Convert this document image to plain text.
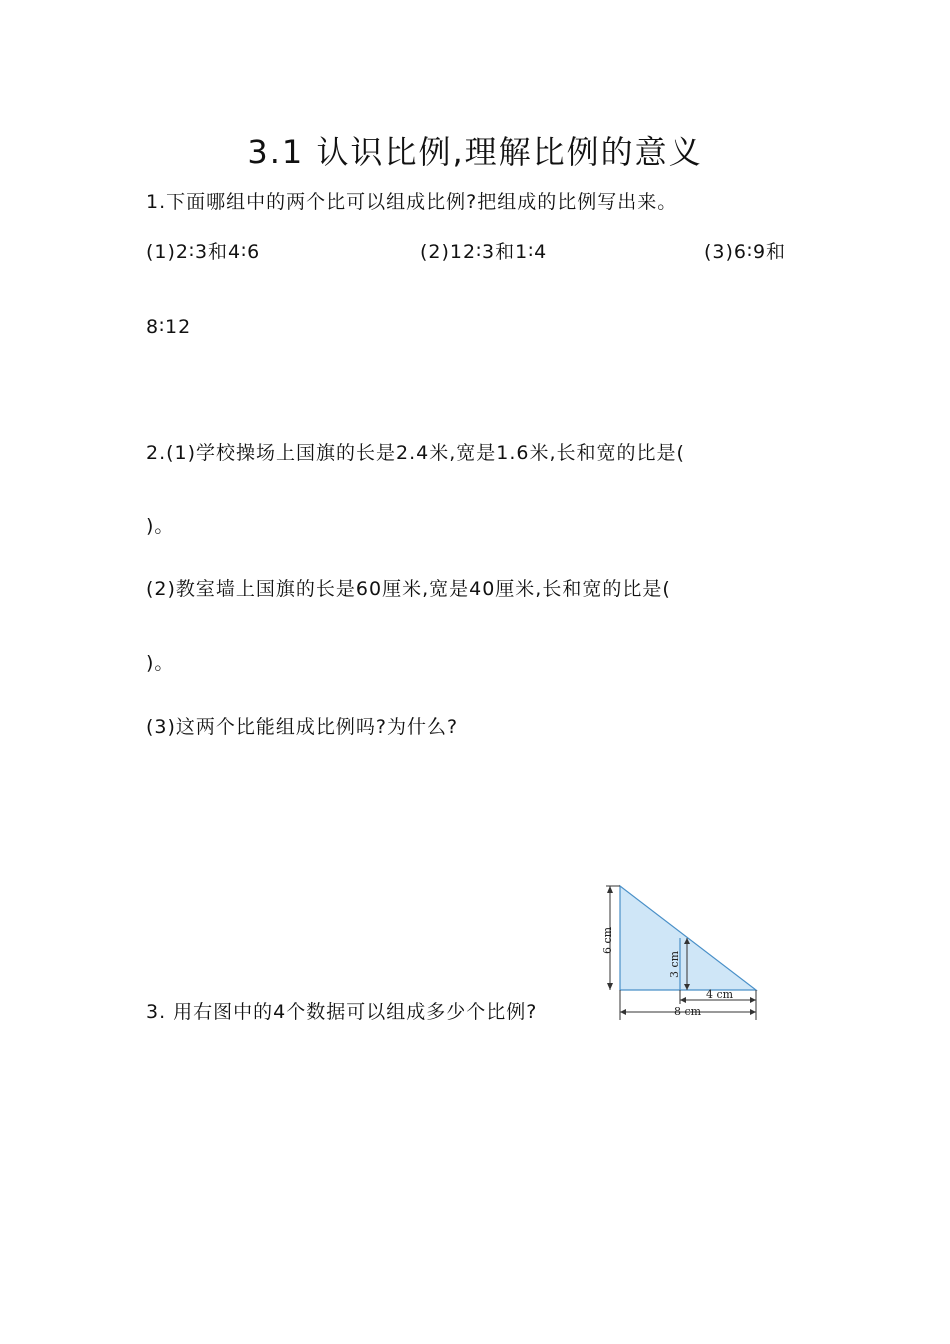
3.1 认识比例,理解比例的意义
1.下面哪组中的两个比可以组成比例?把组成的比例写出来。
(1)2∶3和4∶6	(2)12∶3和1∶4	(3)6∶9和
8∶12
2.(1)学校操场上国旗的长是2.4米,宽是1.6米,长和宽的比是(
)。
(2)教室墙上国旗的长是60厘米,宽是40厘米,长和宽的比是(
)。
(3)这两个比能组成比例吗?为什么?
3. 用右图中的4个数据可以组成多少个比例?
6 cm
3 cm
4 cm
8 cm
